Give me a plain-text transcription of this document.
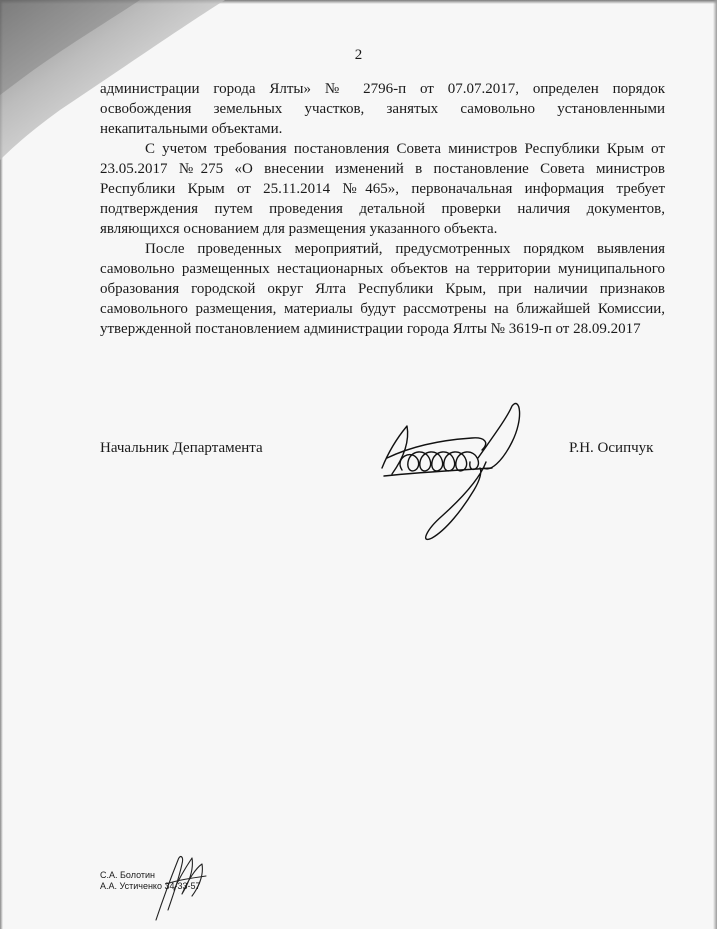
2

администрации города Ялты» № 2796-п от 07.07.2017, определен порядок освобождения земельных участков, занятых самовольно установленными некапитальными объектами.

С учетом требования постановления Совета министров Республики Крым от 23.05.2017 №275 «О внесении изменений в постановление Совета министров Республики Крым от 25.11.2014 №465», первоначальная информация требует подтверждения путем проведения детальной проверки наличия документов, являющихся основанием для размещения указанного объекта.

После проведенных мероприятий, предусмотренных порядком выявления самовольно размещенных нестационарных объектов на территории муниципального образования городской округ Ялта Республики Крым, при наличии признаков самовольного размещения, материалы будут рассмотрены на ближайшей Комиссии, утвержденной постановлением администрации города Ялты № 3619-п от 28.09.2017

Начальник Департамента	Р.Н. Осипчук
С.А. Болотин
А.А. Устиченко 34-33-57
